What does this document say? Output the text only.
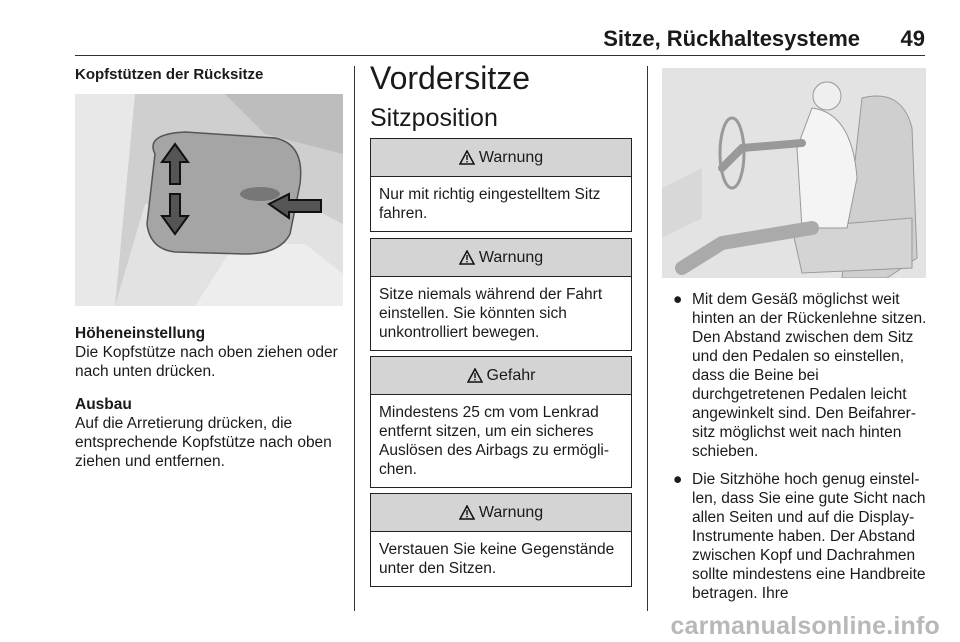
Sitze, Rückhaltesysteme 49
Kopfstützen der Rücksitze
Höheneinstellung
Die Kopfstütze nach oben ziehen oder nach unten drücken.
Ausbau
Auf die Arretierung drücken, die entsprechende Kopfstütze nach oben ziehen und entfernen.
Vordersitze
Sitzposition
Warnung
Nur mit richtig eingestelltem Sitz fahren.
Warnung
Sitze niemals während der Fahrt einstellen. Sie könnten sich unkontrolliert bewegen.
Gefahr
Mindestens 25 cm vom Lenkrad entfernt sitzen, um ein sicheres Auslösen des Airbags zu ermögli-chen.
Warnung
Verstauen Sie keine Gegenstände unter den Sitzen.
● Mit dem Gesäß möglichst weit hinten an der Rückenlehne sitzen. Den Abstand zwischen dem Sitz und den Pedalen so einstellen, dass die Beine bei durchgetretenen Pedalen leicht angewinkelt sind. Den Beifahrer-sitz möglichst weit nach hinten schieben.
● Die Sitzhöhe hoch genug einstel-len, dass Sie eine gute Sicht nach allen Seiten und auf die Display-Instrumente haben. Der Abstand zwischen Kopf und Dachrahmen sollte mindestens eine Handbreite betragen. Ihre
carmanualsonline.info
